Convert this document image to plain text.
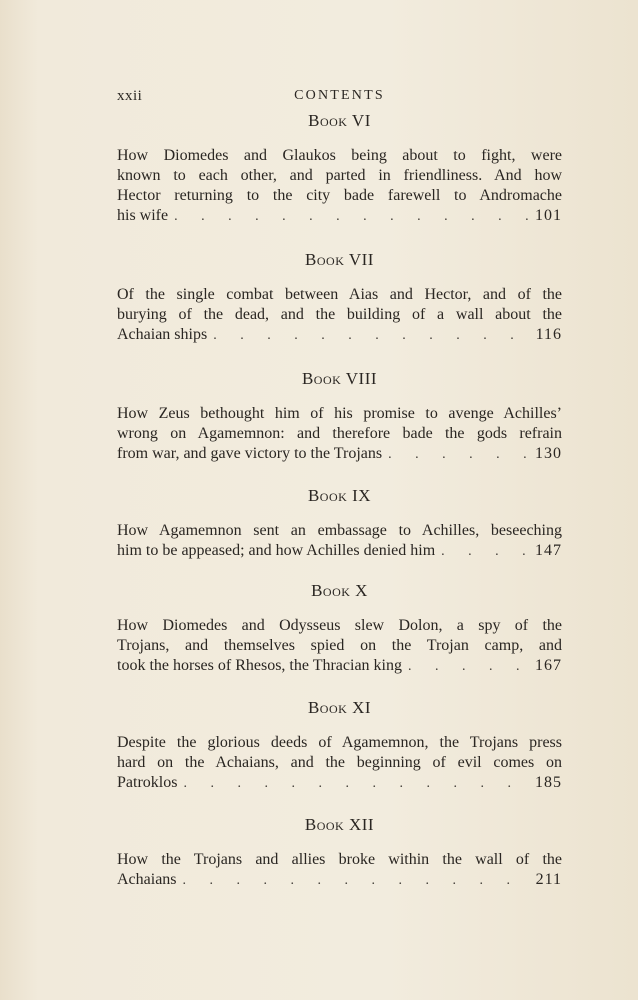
xxii	CONTENTS
Book VI
How Diomedes and Glaukos being about to fight, were
known to each other, and parted in friendliness. And how
Hector returning to the city bade farewell to Andromache
his wife . . .	101
Book VII
Of the single combat between Aias and Hector, and of the
burying of the dead, and the building of a wall about the
Achaian ships . . .	116
Book VIII
How Zeus bethought him of his promise to avenge Achilles’
wrong on Agamemnon: and therefore bade the gods refrain
from war, and gave victory to the Trojans . . .	130
Book IX
How Agamemnon sent an embassage to Achilles, beseeching
him to be appeased; and how Achilles denied him . . .	147
Book X
How Diomedes and Odysseus slew Dolon, a spy of the
Trojans, and themselves spied on the Trojan camp, and
took the horses of Rhesos, the Thracian king . . .	167
Book XI
Despite the glorious deeds of Agamemnon, the Trojans press
hard on the Achaians, and the beginning of evil comes on
Patroklos . . .	185
Book XII
How the Trojans and allies broke within the wall of the
Achaians . . .	211
